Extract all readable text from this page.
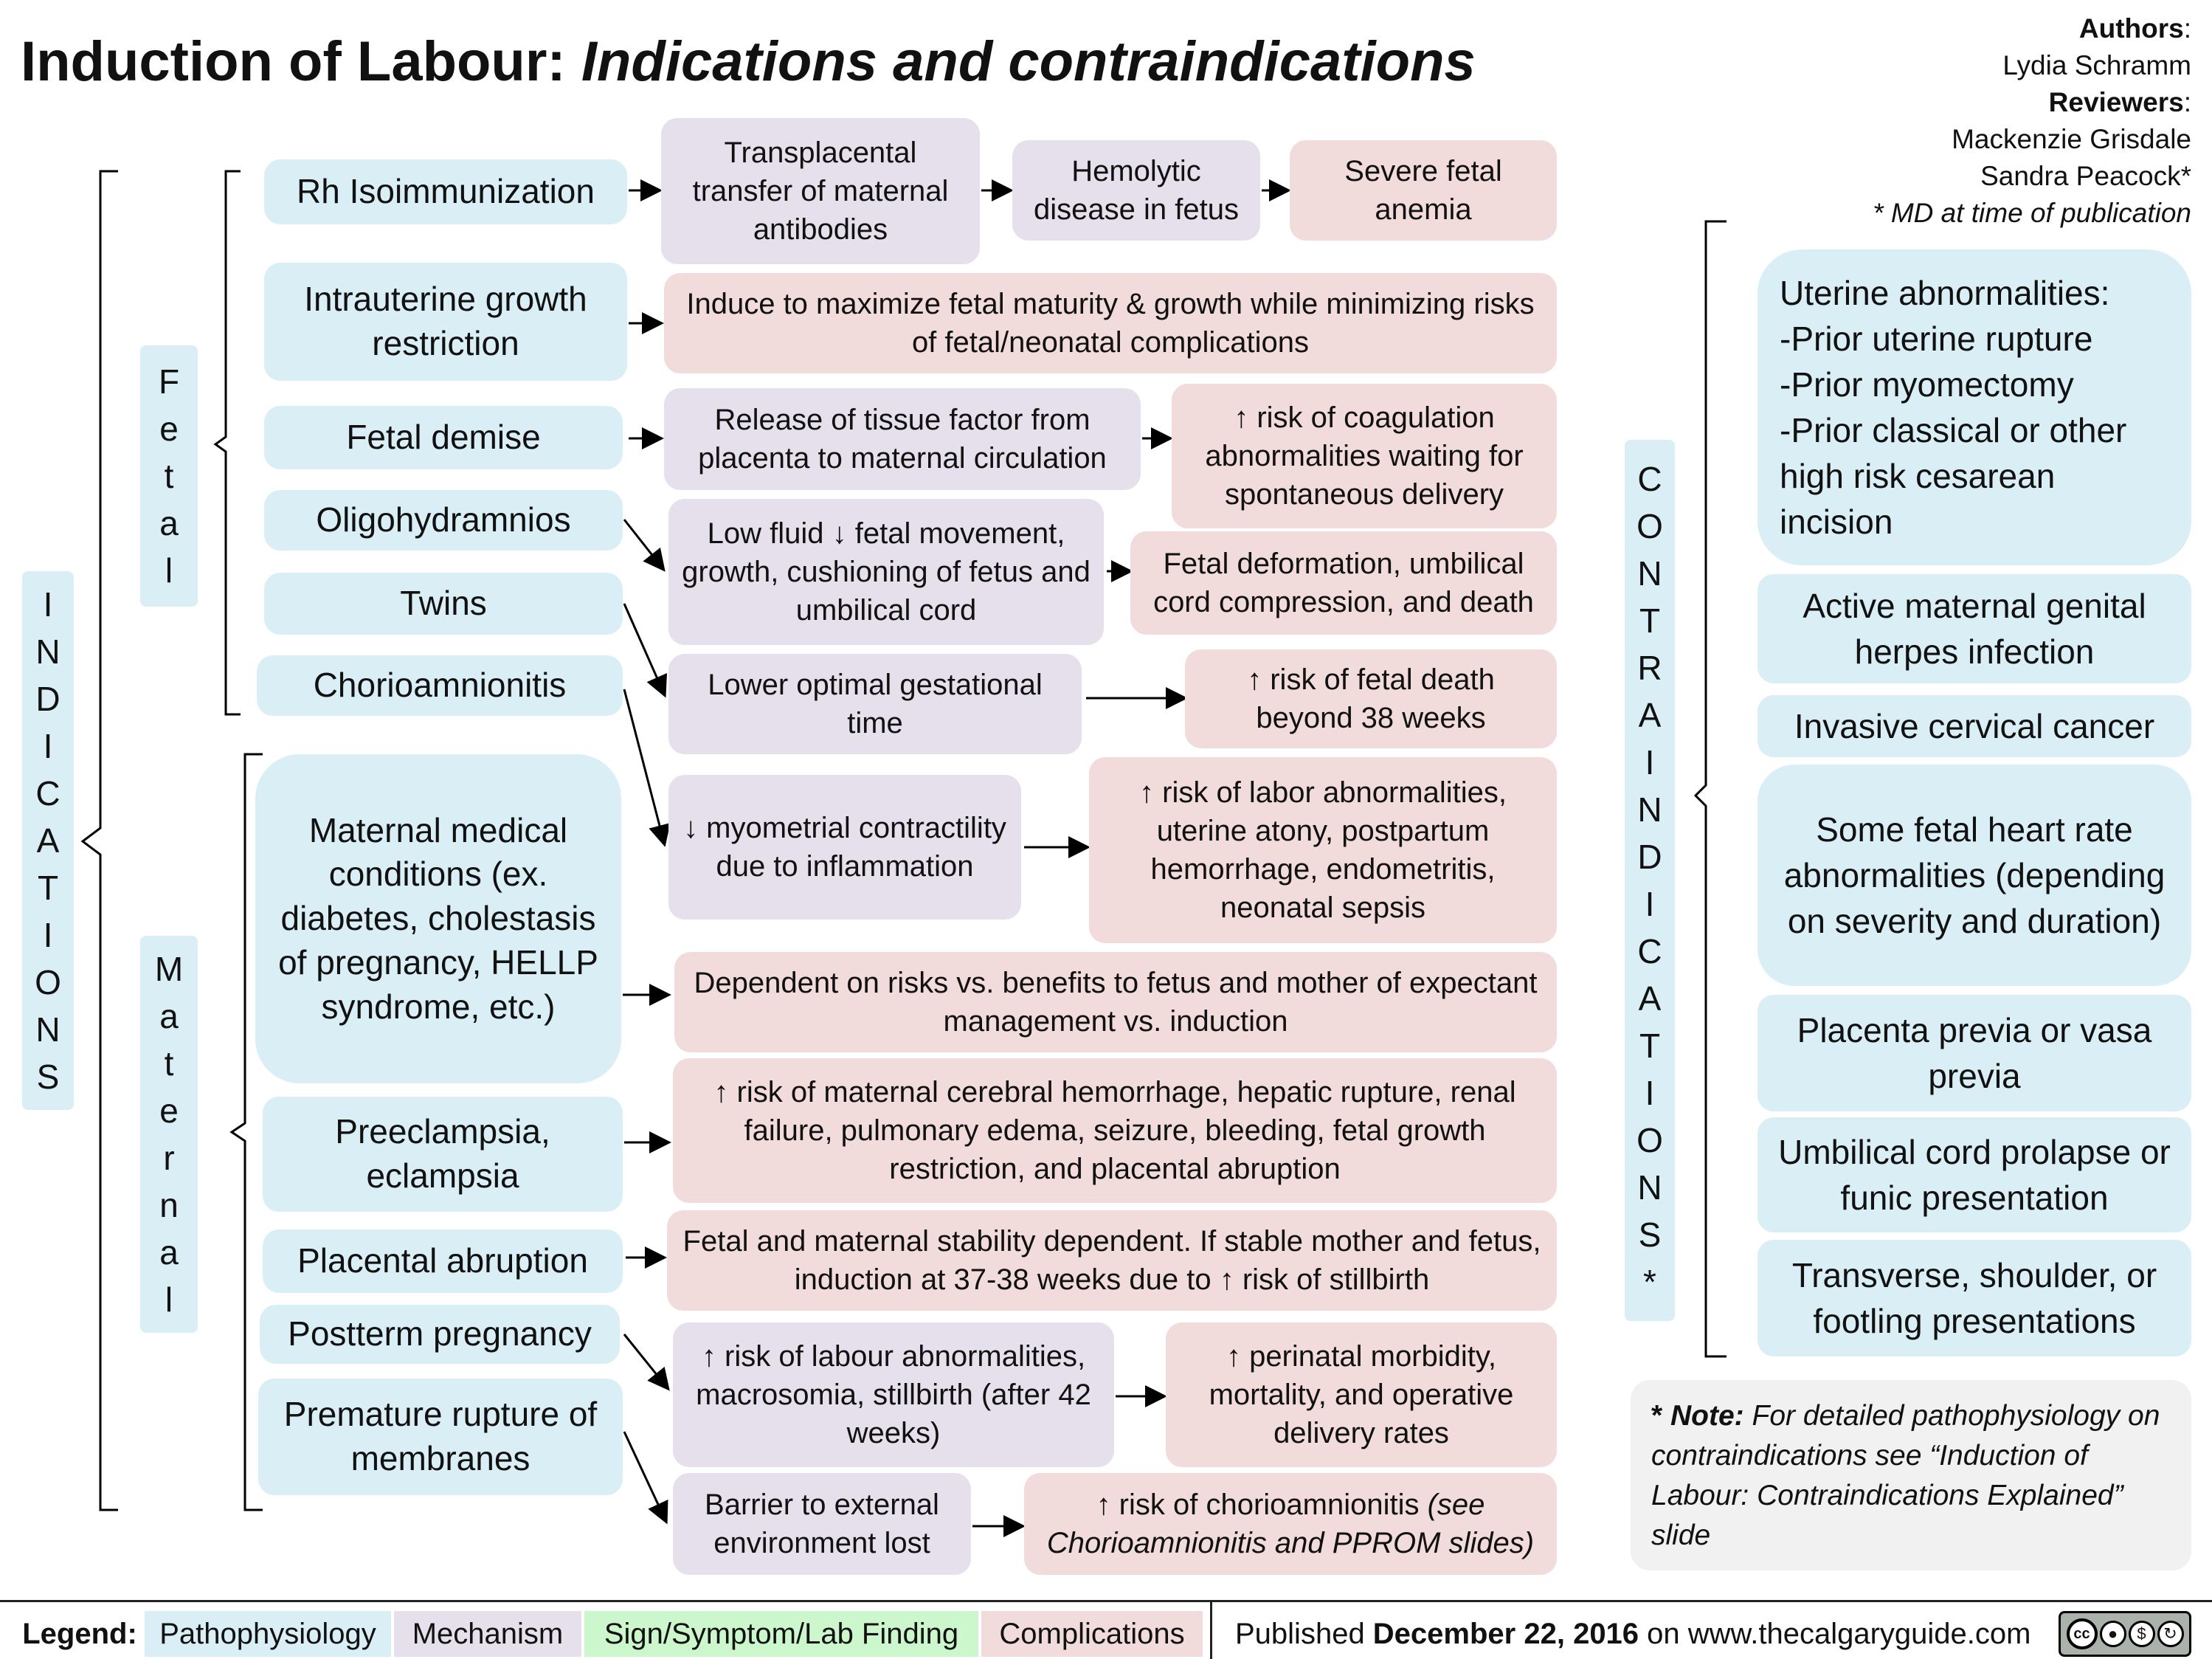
Induction of Labour: Indications and contraindications
Authors:
Lydia Schramm
Reviewers:
Mackenzie Grisdale
Sandra Peacock*
* MD at time of publication
I
N
D
I
C
A
T
I
O
N
S
F
e
t
a
l
M
a
t
e
r
n
a
l
C
O
N
T
R
A
I
N
D
I
C
A
T
I
O
N
S
*
Rh Isoimmunization
Intrauterine growth restriction
Fetal demise
Oligohydramnios
Twins
Chorioamnionitis
Maternal medical conditions (ex. diabetes, cholestasis of pregnancy, HELLP syndrome, etc.)
Preeclampsia, eclampsia
Placental abruption
Postterm pregnancy
Premature rupture of membranes
Transplacental transfer of maternal antibodies
Hemolytic disease in fetus
Release of tissue factor from placenta to maternal circulation
Low fluid ↓ fetal movement, growth, cushioning of fetus and umbilical cord
Lower optimal gestational time
↓ myometrial contractility due to inflammation
↑ risk of labour abnormalities, macrosomia, stillbirth (after 42 weeks)
Barrier to external environment lost
Severe fetal anemia
Induce to maximize fetal maturity & growth while minimizing risks of fetal/neonatal complications
↑ risk of coagulation abnormalities waiting for spontaneous delivery
Fetal deformation, umbilical cord compression, and death
↑ risk of fetal death beyond 38 weeks
↑ risk of labor abnormalities, uterine atony, postpartum hemorrhage, endometritis, neonatal sepsis
Dependent on risks vs. benefits to fetus and mother of expectant management vs. induction
↑ risk of maternal cerebral hemorrhage, hepatic rupture, renal failure, pulmonary edema, seizure, bleeding, fetal growth restriction, and placental abruption
Fetal and maternal stability dependent. If stable mother and fetus, induction at 37-38 weeks due to ↑ risk of stillbirth
↑ perinatal morbidity, mortality, and operative delivery rates
↑ risk of chorioamnionitis (see Chorioamnionitis and PPROM slides)
Uterine abnormalities:
-Prior uterine rupture
-Prior myomectomy
-Prior classical or other high risk cesarean incision
Active maternal genital herpes infection
Invasive cervical cancer
Some fetal heart rate abnormalities (depending on severity and duration)
Placenta previa or vasa previa
Umbilical cord prolapse or funic presentation
Transverse, shoulder, or footling presentations
* Note: For detailed pathophysiology on contraindications see “Induction of Labour: Contraindications Explained” slide
Legend: Pathophysiology	Mechanism	Sign/Symptom/Lab Finding	Complications	Published December 22, 2016 on www.thecalgaryguide.com	cc	●	$	↻
